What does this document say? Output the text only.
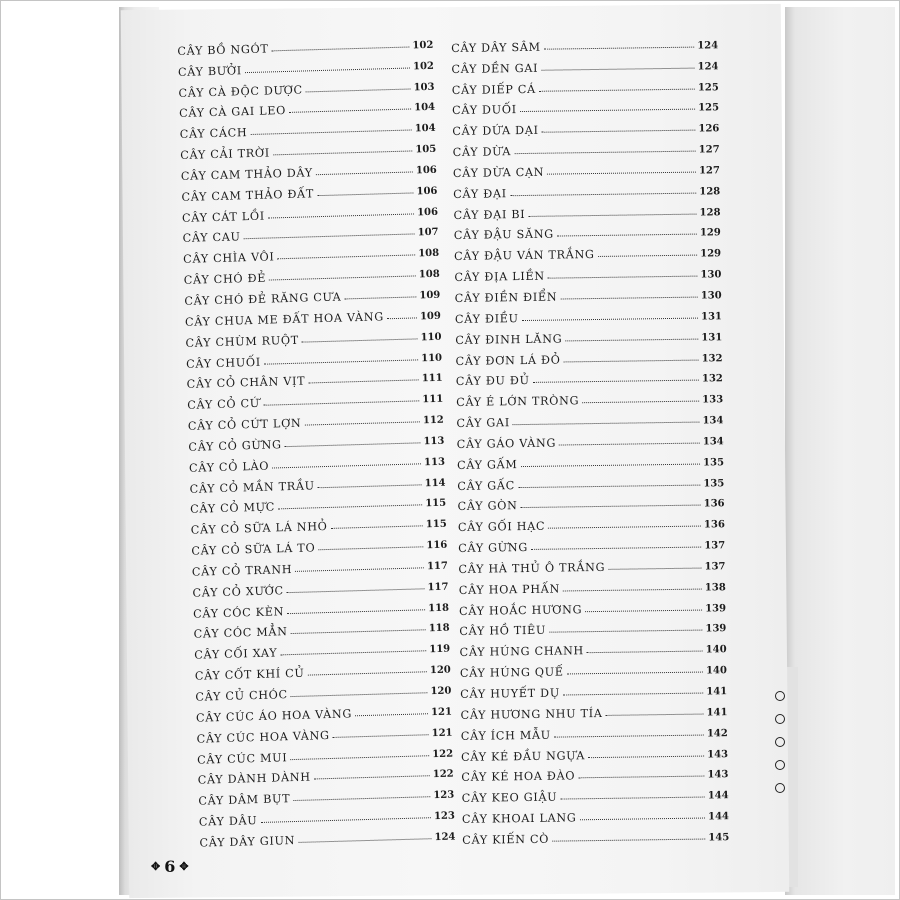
CÂY BỒ NGÓT	102
CÂY BƯỞI	102
CÂY CÀ ĐỘC DƯỢC	103
CÂY CÀ GAI LEO	104
CÂY CÁCH	104
CÂY CẢI TRỜI	105
CÂY CAM THẢO DÂY	106
CÂY CAM THẢO ĐẤT	106
CÂY CÁT LỒI	106
CÂY CAU	107
CÂY CHÌA VÔI	108
CÂY CHÓ ĐẺ	108
CÂY CHÓ ĐẺ RĂNG CƯA	109
CÂY CHUA ME ĐẤT HOA VÀNG	109
CÂY CHÙM RUỘT	110
CÂY CHUỐI	110
CÂY CỎ CHÂN VỊT	111
CÂY CỎ CỨ	111
CÂY CỎ CỨT LỢN	112
CÂY CỎ GỪNG	113
CÂY CỎ LÀO	113
CÂY CỎ MẦN TRẦU	114
CÂY CỎ MỰC	115
CÂY CỎ SỮA LÁ NHỎ	115
CÂY CỎ SỮA LÁ TO	116
CÂY CỎ TRANH	117
CÂY CỎ XƯỚC	117
CÂY CÓC KÈN	118
CÂY CÓC MẲN	118
CÂY CỐI XAY	119
CÂY CỐT KHÍ CỦ	120
CÂY CỦ CHÓC	120
CÂY CÚC ÁO HOA VÀNG	121
CÂY CÚC HOA VÀNG	121
CÂY CÚC MUI	122
CÂY DÀNH DÀNH	122
CÂY DÂM BỤT	123
CÂY DÂU	123
CÂY DÂY GIUN	124
CÂY DÂY SÂM	124
CÂY DỀN GAI	124
CÂY DIẾP CÁ	125
CÂY DUỐI	125
CÂY DỨA DẠI	126
CÂY DỪA	127
CÂY DỪA CẠN	127
CÂY ĐẠI	128
CÂY ĐẠI BI	128
CÂY ĐẬU SĂNG	129
CÂY ĐẬU VÁN TRẮNG	129
CÂY ĐỊA LIỀN	130
CÂY ĐIỀN ĐIỂN	130
CÂY ĐIỀU	131
CÂY ĐINH LĂNG	131
CÂY ĐƠN LÁ ĐỎ	132
CÂY ĐU ĐỦ	132
CÂY É LỚN TRÒNG	133
CÂY GAI	134
CÂY GÁO VÀNG	134
CÂY GẤM	135
CÂY GẤC	135
CÂY GÒN	136
CÂY GỐI HẠC	136
CÂY GỪNG	137
CÂY HÀ THỦ Ô TRẮNG	137
CÂY HOA PHẤN	138
CÂY HOẮC HƯƠNG	139
CÂY HỒ TIÊU	139
CÂY HÚNG CHANH	140
CÂY HÚNG QUẾ	140
CÂY HUYẾT DỤ	141
CÂY HƯƠNG NHU TÍA	141
CÂY ÍCH MẪU	142
CÂY KÉ ĐẦU NGỰA	143
CÂY KÉ HOA ĐÀO	143
CÂY KEO GIẬU	144
CÂY KHOAI LANG	144
CÂY KIẾN CÒ	145
✥ 6 ✥
